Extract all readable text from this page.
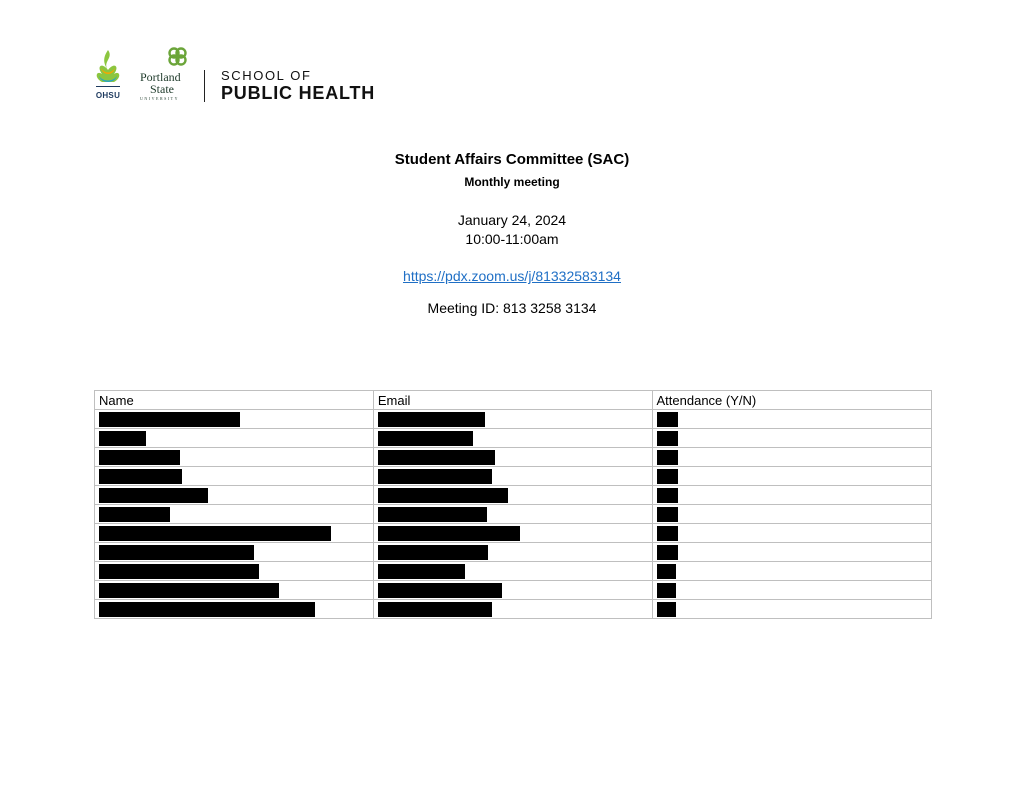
OHSU
Portland
State
UNIVERSITY
SCHOOL OF
PUBLIC HEALTH
Student Affairs Committee (SAC)
Monthly meeting
January 24, 2024
10:00-11:00am
https://pdx.zoom.us/j/81332583134
Meeting ID: 813 3258 3134
Name	Email	Attendance (Y/N)
